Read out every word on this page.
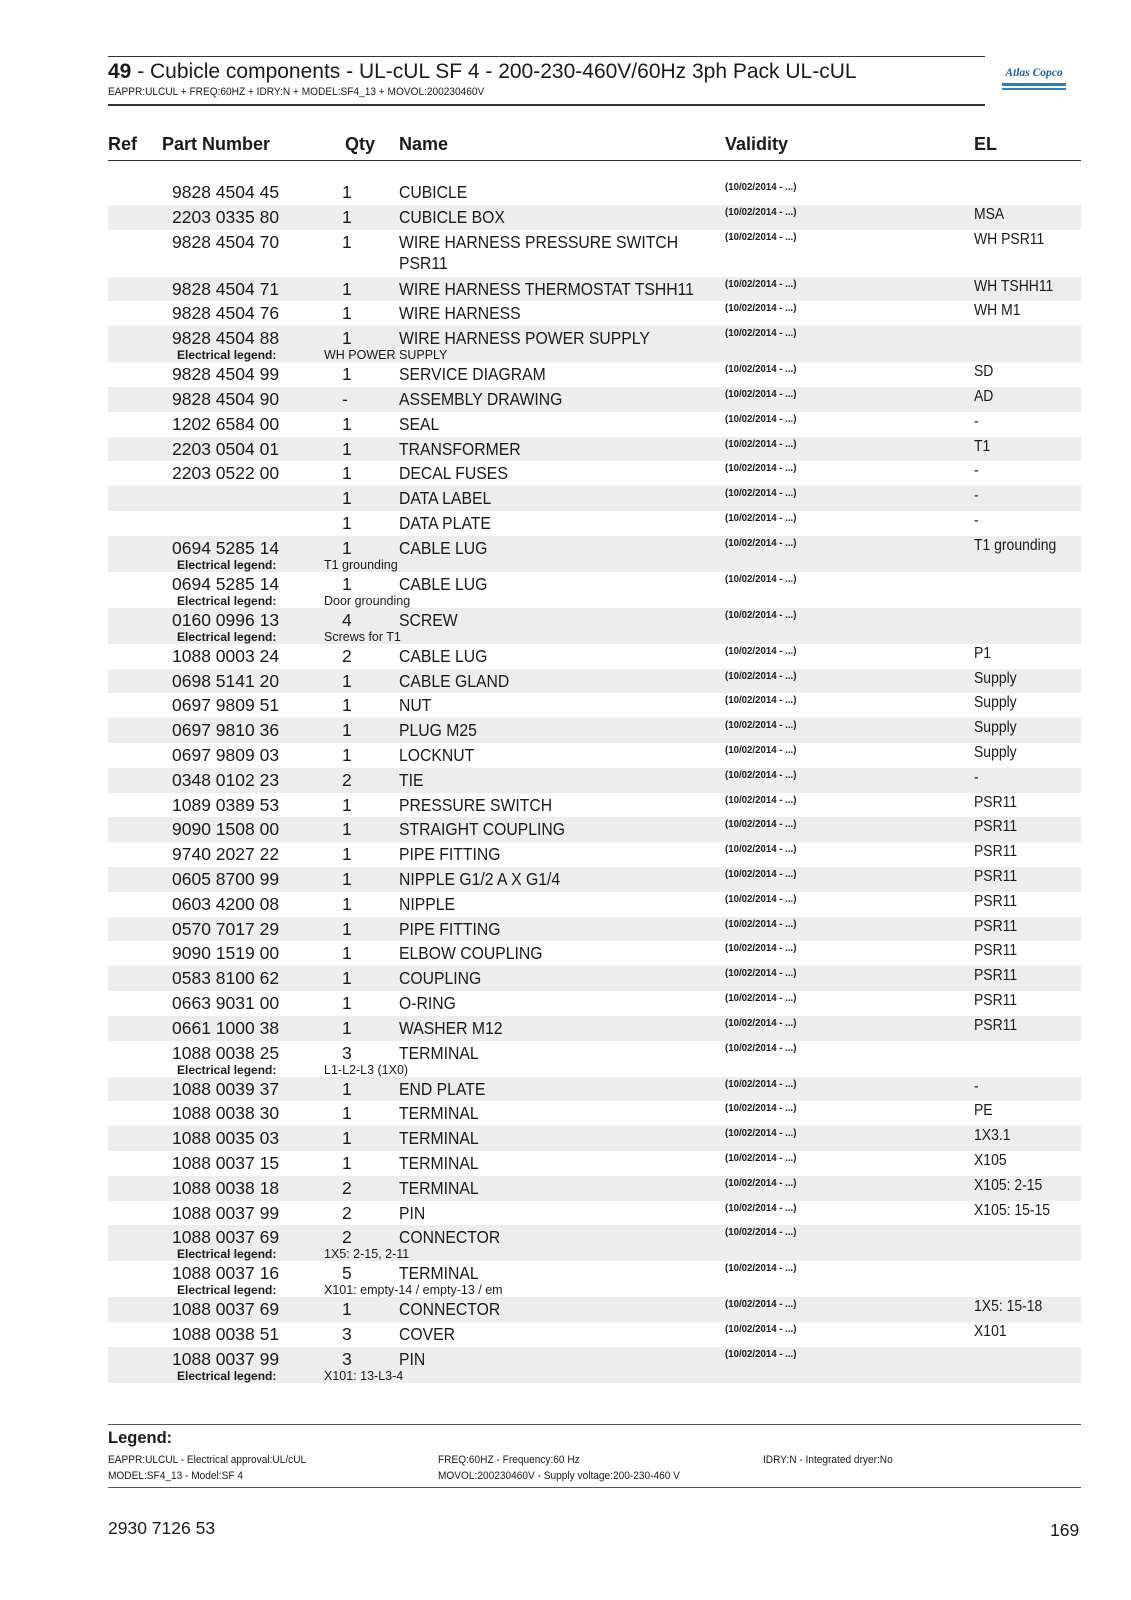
49 - Cubicle components - UL-cUL SF 4 - 200-230-460V/60Hz 3ph Pack UL-cUL
EAPPR:ULCUL + FREQ:60HZ + IDRY:N + MODEL:SF4_13 + MOVOL:200230460V
Atlas Copco
Ref Part Number	Qty Name	Validity	EL
9828 4504 45	1	CUBICLE	(10/02/2014 - ...)
2203 0335 80	1	CUBICLE BOX	(10/02/2014 - ...)	MSA
9828 4504 70	1	WIRE HARNESS PRESSURE SWITCH	(10/02/2014 - ...)	WH PSR11
PSR11
9828 4504 71	1	WIRE HARNESS THERMOSTAT TSHH11	(10/02/2014 - ...)	WH TSHH11
9828 4504 76	1	WIRE HARNESS	(10/02/2014 - ...)	WH M1
9828 4504 88	1	WIRE HARNESS POWER SUPPLY	(10/02/2014 - ...)
Electrical legend:	WH POWER SUPPLY
9828 4504 99	1	SERVICE DIAGRAM	(10/02/2014 - ...)	SD
9828 4504 90	-	ASSEMBLY DRAWING	(10/02/2014 - ...)	AD
1202 6584 00	1	SEAL	(10/02/2014 - ...)	-
2203 0504 01	1	TRANSFORMER	(10/02/2014 - ...)	T1
2203 0522 00	1	DECAL FUSES	(10/02/2014 - ...)	-
1	DATA LABEL	(10/02/2014 - ...)	-
1	DATA PLATE	(10/02/2014 - ...)	-
0694 5285 14	1	CABLE LUG	(10/02/2014 - ...)	T1 grounding
Electrical legend:	T1 grounding
0694 5285 14	1	CABLE LUG	(10/02/2014 - ...)
Electrical legend:	Door grounding
0160 0996 13	4	SCREW	(10/02/2014 - ...)
Electrical legend:	Screws for T1
1088 0003 24	2	CABLE LUG	(10/02/2014 - ...)	P1
0698 5141 20	1	CABLE GLAND	(10/02/2014 - ...)	Supply
0697 9809 51	1	NUT	(10/02/2014 - ...)	Supply
0697 9810 36	1	PLUG M25	(10/02/2014 - ...)	Supply
0697 9809 03	1	LOCKNUT	(10/02/2014 - ...)	Supply
0348 0102 23	2	TIE	(10/02/2014 - ...)	-
1089 0389 53	1	PRESSURE SWITCH	(10/02/2014 - ...)	PSR11
9090 1508 00	1	STRAIGHT COUPLING	(10/02/2014 - ...)	PSR11
9740 2027 22	1	PIPE FITTING	(10/02/2014 - ...)	PSR11
0605 8700 99	1	NIPPLE G1/2 A X G1/4	(10/02/2014 - ...)	PSR11
0603 4200 08	1	NIPPLE	(10/02/2014 - ...)	PSR11
0570 7017 29	1	PIPE FITTING	(10/02/2014 - ...)	PSR11
9090 1519 00	1	ELBOW COUPLING	(10/02/2014 - ...)	PSR11
0583 8100 62	1	COUPLING	(10/02/2014 - ...)	PSR11
0663 9031 00	1	O-RING	(10/02/2014 - ...)	PSR11
0661 1000 38	1	WASHER M12	(10/02/2014 - ...)	PSR11
1088 0038 25	3	TERMINAL	(10/02/2014 - ...)
Electrical legend:	L1-L2-L3 (1X0)
1088 0039 37	1	END PLATE	(10/02/2014 - ...)	-
1088 0038 30	1	TERMINAL	(10/02/2014 - ...)	PE
1088 0035 03	1	TERMINAL	(10/02/2014 - ...)	1X3.1
1088 0037 15	1	TERMINAL	(10/02/2014 - ...)	X105
1088 0038 18	2	TERMINAL	(10/02/2014 - ...)	X105: 2-15
1088 0037 99	2	PIN	(10/02/2014 - ...)	X105: 15-15
1088 0037 69	2	CONNECTOR	(10/02/2014 - ...)
Electrical legend:	1X5: 2-15, 2-11
1088 0037 16	5	TERMINAL	(10/02/2014 - ...)
Electrical legend:	X101: empty-14 / empty-13 / em
1088 0037 69	1	CONNECTOR	(10/02/2014 - ...)	1X5: 15-18
1088 0038 51	3	COVER	(10/02/2014 - ...)	X101
1088 0037 99	3	PIN	(10/02/2014 - ...)
Electrical legend:	X101: 13-L3-4
Legend:
EAPPR:ULCUL - Electrical approval:UL/cUL
MODEL:SF4_13 - Model:SF 4
FREQ:60HZ - Frequency:60 Hz
MOVOL:200230460V - Supply voltage:200-230-460 V
IDRY:N - Integrated dryer:No
2930 7126 53	169
